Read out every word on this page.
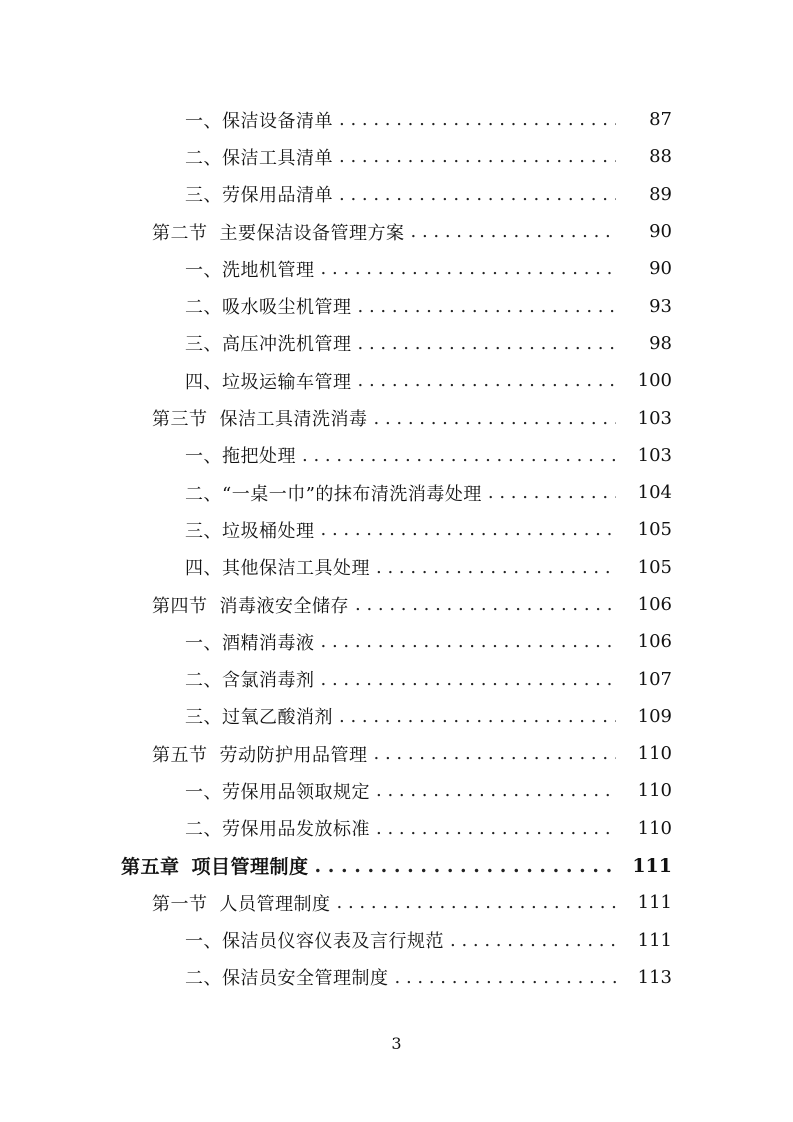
一、保洁设备清单 . . .	87
二、保洁工具清单 . . .	88
三、劳保用品清单 . . .	89
第二节 主要保洁设备管理方案 . . .	90
一、洗地机管理 . . .	90
二、吸水吸尘机管理 . . .	93
三、高压冲洗机管理 . . .	98
四、垃圾运输车管理 . . .	100
第三节 保洁工具清洗消毒 . . .	103
一、拖把处理 . . .	103
二、“一桌一巾”的抹布清洗消毒处理 . . .	104
三、垃圾桶处理 . . .	105
四、其他保洁工具处理 . . .	105
第四节 消毒液安全储存 . . .	106
一、酒精消毒液 . . .	106
二、含氯消毒剂 . . .	107
三、过氧乙酸消剂 . . .	109
第五节 劳动防护用品管理 . . .	110
一、劳保用品领取规定 . . .	110
二、劳保用品发放标准 . . .	110
第五章 项目管理制度 . . .	111
第一节 人员管理制度 . . .	111
一、保洁员仪容仪表及言行规范 . . .	111
二、保洁员安全管理制度 . . .	113
3
